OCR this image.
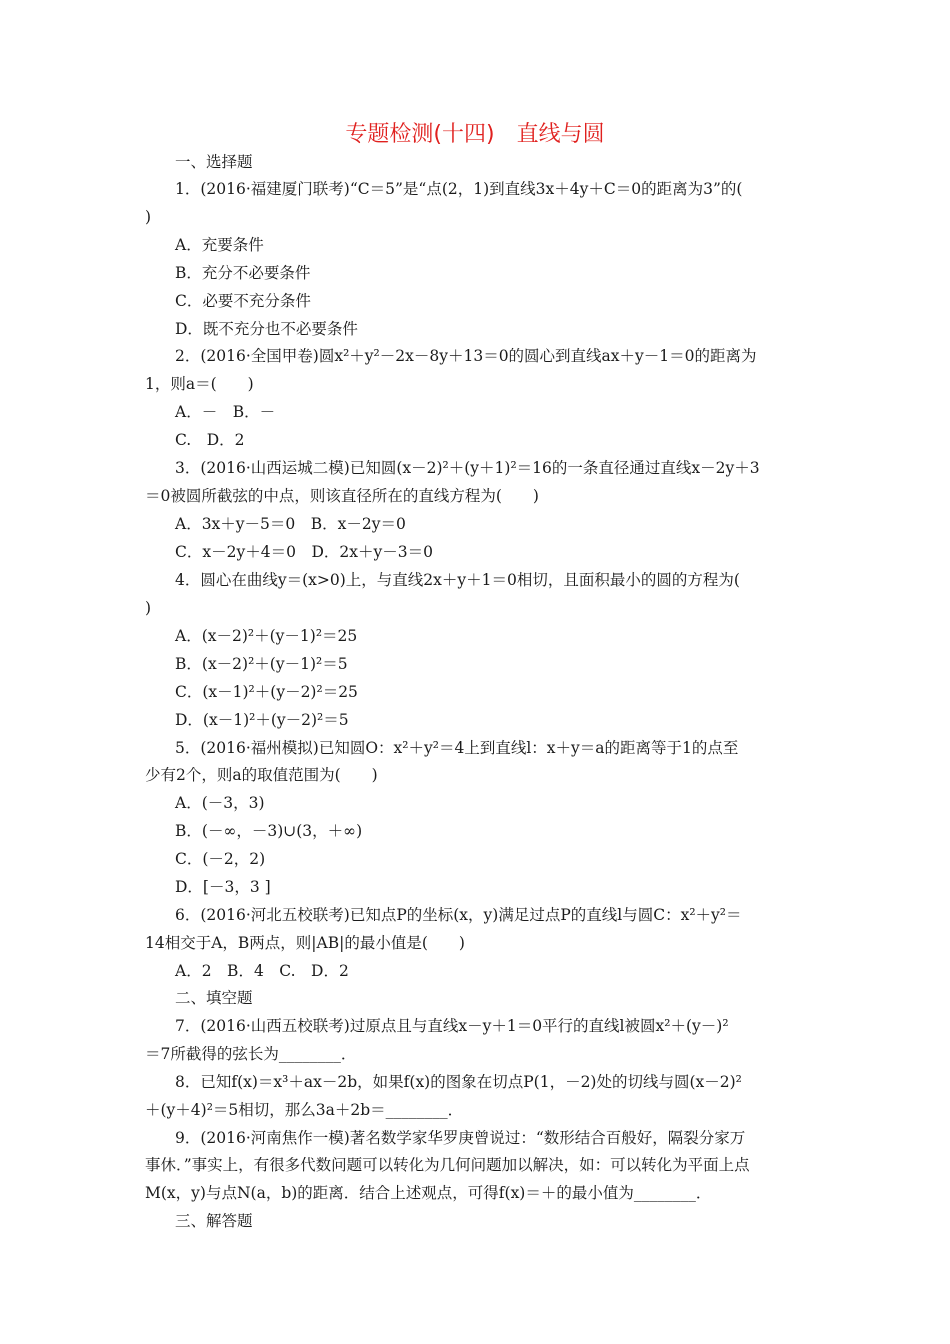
专题检测(十四)　直线与圆
一、选择题
1．(2016·福建厦门联考)“C＝5”是“点(2，1)到直线3x＋4y＋C＝0的距离为3”的(
)
A．充要条件
B．充分不必要条件
C．必要不充分条件
D．既不充分也不必要条件
2．(2016·全国甲卷)圆x²＋y²－2x－8y＋13＝0的圆心到直线ax＋y－1＝0的距离为
1，则a＝(　　)
A．－　B．－
C.　D．2
3．(2016·山西运城二模)已知圆(x－2)²＋(y＋1)²＝16的一条直径通过直线x－2y＋3
＝0被圆所截弦的中点，则该直径所在的直线方程为(　　)
A．3x＋y－5＝0　B．x－2y＝0
C．x－2y＋4＝0　D．2x＋y－3＝0
4．圆心在曲线y＝(x>0)上，与直线2x＋y＋1＝0相切，且面积最小的圆的方程为(
)
A．(x－2)²＋(y－1)²＝25
B．(x－2)²＋(y－1)²＝5
C．(x－1)²＋(y－2)²＝25
D．(x－1)²＋(y－2)²＝5
5．(2016·福州模拟)已知圆O：x²＋y²＝4上到直线l：x＋y＝a的距离等于1的点至
少有2个，则a的取值范围为(　　)
A．(－3，3)
B．(－∞，－3)∪(3，＋∞)
C．(－2，2)
D．[－3，3 ]
6．(2016·河北五校联考)已知点P的坐标(x，y)满足过点P的直线l与圆C：x²＋y²＝
14相交于A，B两点，则|AB|的最小值是(　　)
A．2　B．4　C.　D．2
二、填空题
7．(2016·山西五校联考)过原点且与直线x－y＋1＝0平行的直线l被圆x²＋(y－)²
＝7所截得的弦长为________．
8．已知f(x)＝x³＋ax－2b，如果f(x)的图象在切点P(1，－2)处的切线与圆(x－2)²
＋(y＋4)²＝5相切，那么3a＋2b＝________．
9．(2016·河南焦作一模)著名数学家华罗庚曾说过：“数形结合百般好，隔裂分家万
事休．”事实上，有很多代数问题可以转化为几何问题加以解决，如：可以转化为平面上点
M(x，y)与点N(a，b)的距离．结合上述观点，可得f(x)＝＋的最小值为________．
三、解答题
